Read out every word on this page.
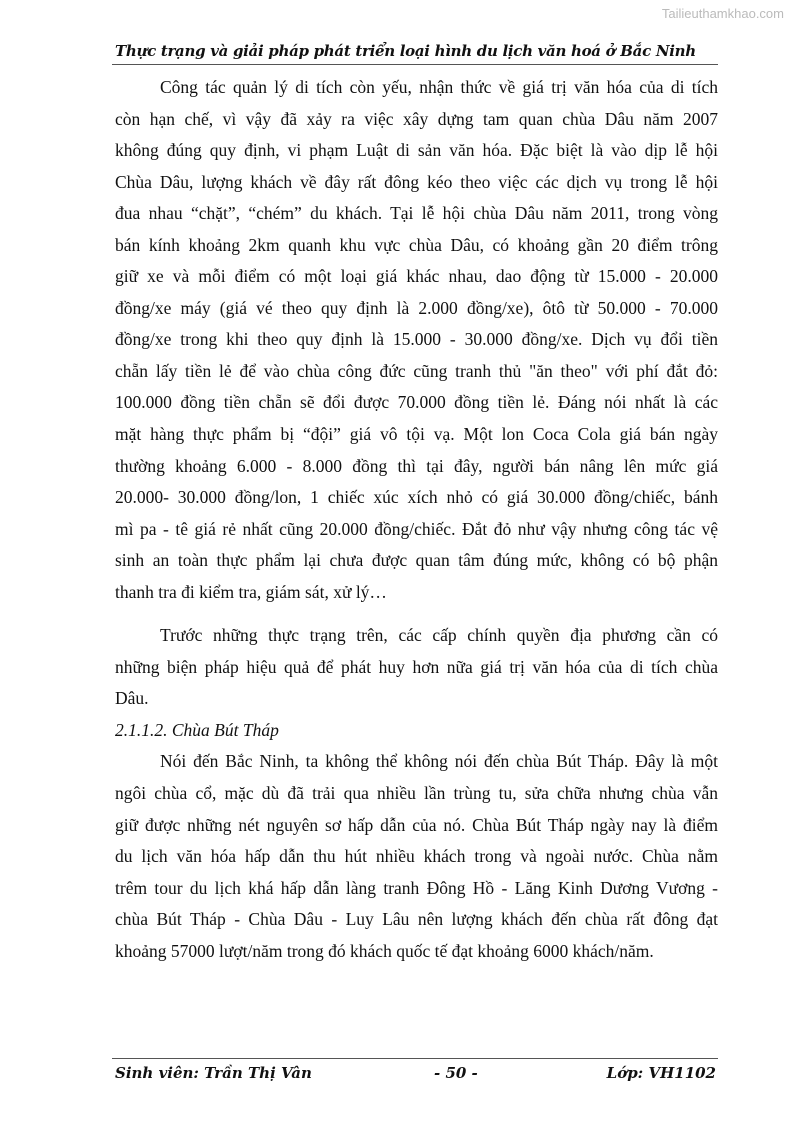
Tailieuthamkhao.com
Thực trạng và giải pháp phát triển loại hình du lịch văn hoá ở Bắc Ninh
Công tác quản lý di tích còn yếu, nhận thức về giá trị văn hóa của di tích
còn hạn chế, vì vậy đã xảy ra việc xây dựng tam quan chùa Dâu năm 2007
không đúng quy định, vi phạm Luật di sản văn hóa. Đặc biệt là vào dịp lễ hội
Chùa Dâu, lượng khách về đây rất đông kéo theo việc các dịch vụ trong lễ hội
đua nhau “chặt”, “chém” du khách. Tại lễ hội chùa Dâu năm 2011, trong vòng
bán kính khoảng 2km quanh khu vực chùa Dâu, có khoảng gần 20 điểm trông
giữ xe và mỗi điểm có một loại giá khác nhau, dao động từ 15.000 - 20.000
đồng/xe máy (giá vé theo quy định là 2.000 đồng/xe), ôtô từ 50.000 - 70.000
đồng/xe trong khi theo quy định là 15.000 - 30.000 đồng/xe. Dịch vụ đổi tiền
chẵn lấy tiền lẻ để vào chùa công đức cũng tranh thủ "ăn theo" với phí đắt đỏ:
100.000 đồng tiền chẵn sẽ đổi được 70.000 đồng tiền lẻ. Đáng nói nhất là các
mặt hàng thực phẩm bị “đội” giá vô tội vạ. Một lon Coca Cola giá bán ngày
thường khoảng 6.000 - 8.000 đồng thì tại đây, người bán nâng lên mức giá
20.000- 30.000 đồng/lon, 1 chiếc xúc xích nhỏ có giá 30.000 đồng/chiếc, bánh
mì pa - tê giá rẻ nhất cũng 20.000 đồng/chiếc. Đắt đỏ như vậy nhưng công tác vệ
sinh an toàn thực phẩm lại chưa được quan tâm đúng mức, không có bộ phận
thanh tra đi kiểm tra, giám sát, xử lý…
Trước những thực trạng trên, các cấp chính quyền địa phương cần có
những biện pháp hiệu quả để phát huy hơn nữa giá trị văn hóa của di tích chùa
Dâu.
2.1.1.2. Chùa Bút Tháp
Nói đến Bắc Ninh, ta không thể không nói đến chùa Bút Tháp. Đây là một
ngôi chùa cổ, mặc dù đã trải qua nhiều lần trùng tu, sửa chữa nhưng chùa vẫn
giữ được những nét nguyên sơ hấp dẫn của nó. Chùa Bút Tháp ngày nay là điểm
du lịch văn hóa hấp dẫn thu hút nhiều khách trong và ngoài nước. Chùa nằm
trêm tour du lịch khá hấp dẫn làng tranh Đông Hồ - Lăng Kinh Dương Vương -
chùa Bút Tháp - Chùa Dâu - Luy Lâu nên lượng khách đến chùa rất đông đạt
khoảng 57000 lượt/năm trong đó khách quốc tế đạt khoảng 6000 khách/năm.
Sinh viên: Trần Thị Vân	- 50 -	Lớp: VH1102
